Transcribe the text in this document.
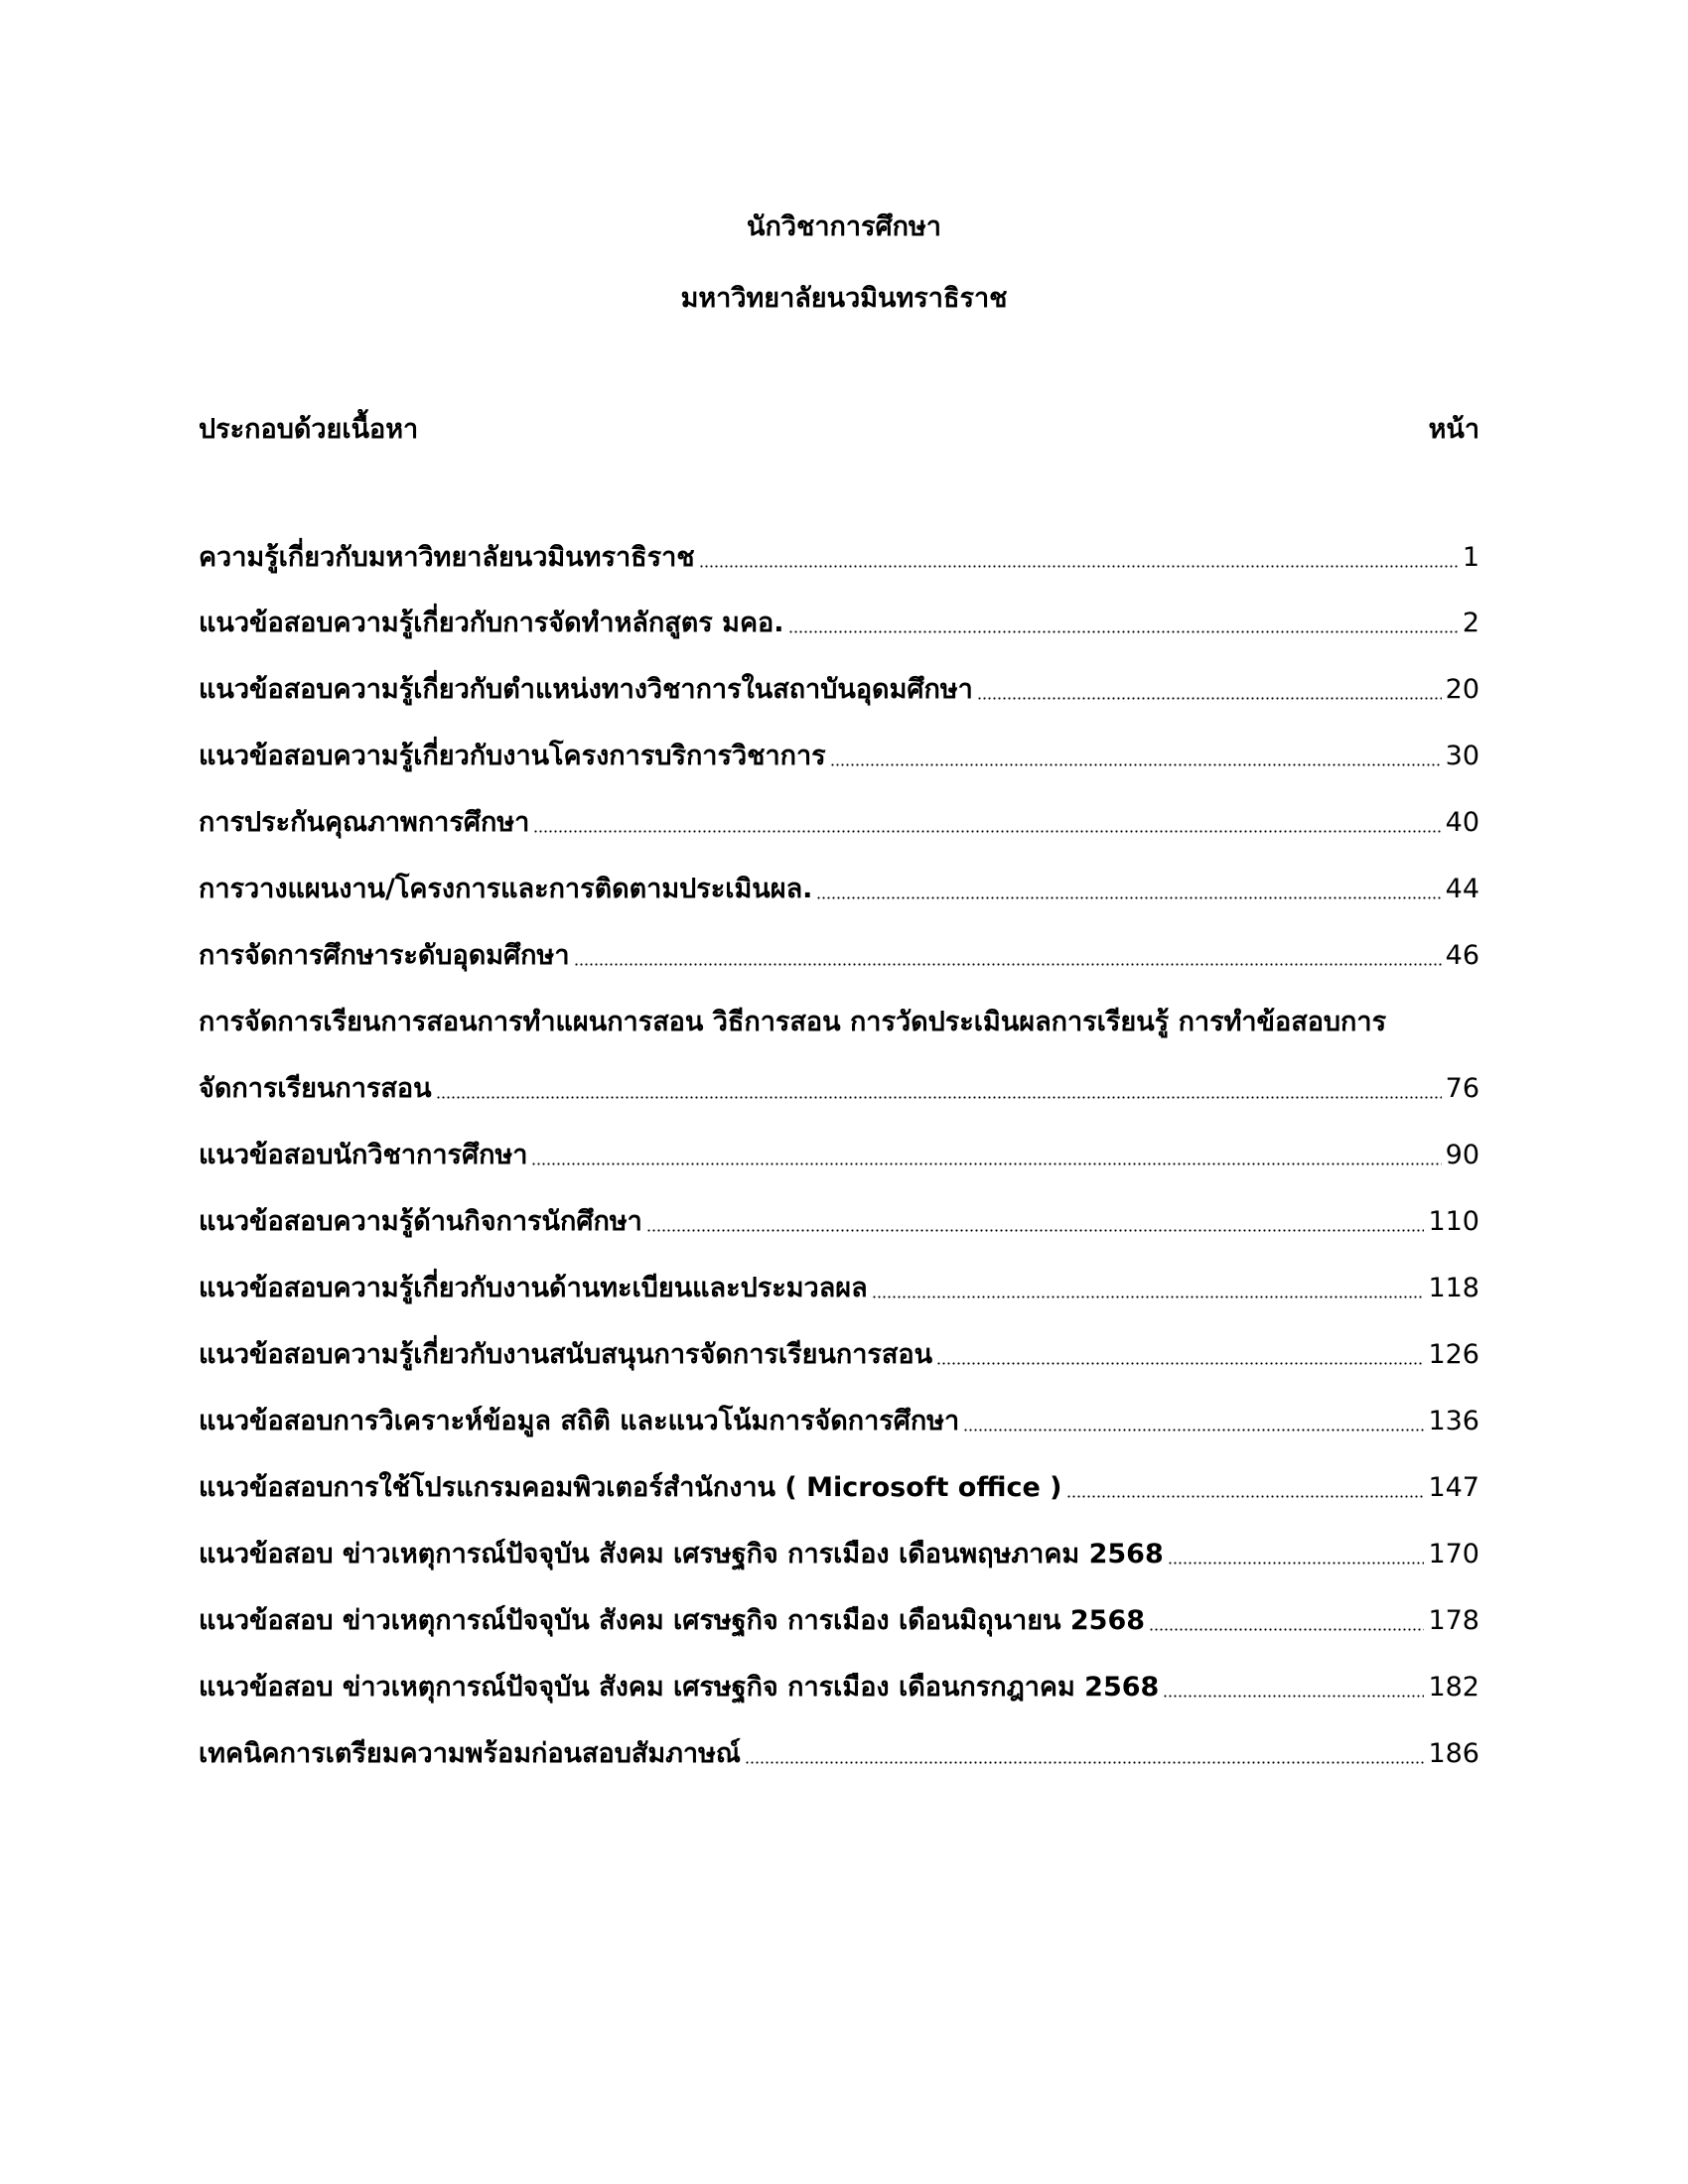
นักวิชาการศึกษา
มหาวิทยาลัยนวมินทราธิราช
ประกอบด้วยเนื้อหา	หน้า
ความรู้เกี่ยวกับมหาวิทยาลัยนวมินทราธิราช	1
แนวข้อสอบความรู้เกี่ยวกับการจัดทำหลักสูตร มคอ.	2
แนวข้อสอบความรู้เกี่ยวกับตำแหน่งทางวิชาการในสถาบันอุดมศึกษา	20
แนวข้อสอบความรู้เกี่ยวกับงานโครงการบริการวิชาการ	30
การประกันคุณภาพการศึกษา	40
การวางแผนงาน/โครงการและการติดตามประเมินผล.	44
การจัดการศึกษาระดับอุดมศึกษา	46
การจัดการเรียนการสอนการทำแผนการสอน วิธีการสอน การวัดประเมินผลการเรียนรู้ การทำข้อสอบการ
จัดการเรียนการสอน	76
แนวข้อสอบนักวิชาการศึกษา	90
แนวข้อสอบความรู้ด้านกิจการนักศึกษา	110
แนวข้อสอบความรู้เกี่ยวกับงานด้านทะเบียนและประมวลผล	118
แนวข้อสอบความรู้เกี่ยวกับงานสนับสนุนการจัดการเรียนการสอน	126
แนวข้อสอบการวิเคราะห์ข้อมูล สถิติ และแนวโน้มการจัดการศึกษา	136
แนวข้อสอบการใช้โปรแกรมคอมพิวเตอร์สำนักงาน ( Microsoft office )	147
แนวข้อสอบ ข่าวเหตุการณ์ปัจจุบัน สังคม เศรษฐกิจ การเมือง เดือนพฤษภาคม 2568	170
แนวข้อสอบ ข่าวเหตุการณ์ปัจจุบัน สังคม เศรษฐกิจ การเมือง เดือนมิถุนายน 2568	178
แนวข้อสอบ ข่าวเหตุการณ์ปัจจุบัน สังคม เศรษฐกิจ การเมือง เดือนกรกฎาคม 2568	182
เทคนิคการเตรียมความพร้อมก่อนสอบสัมภาษณ์	186
